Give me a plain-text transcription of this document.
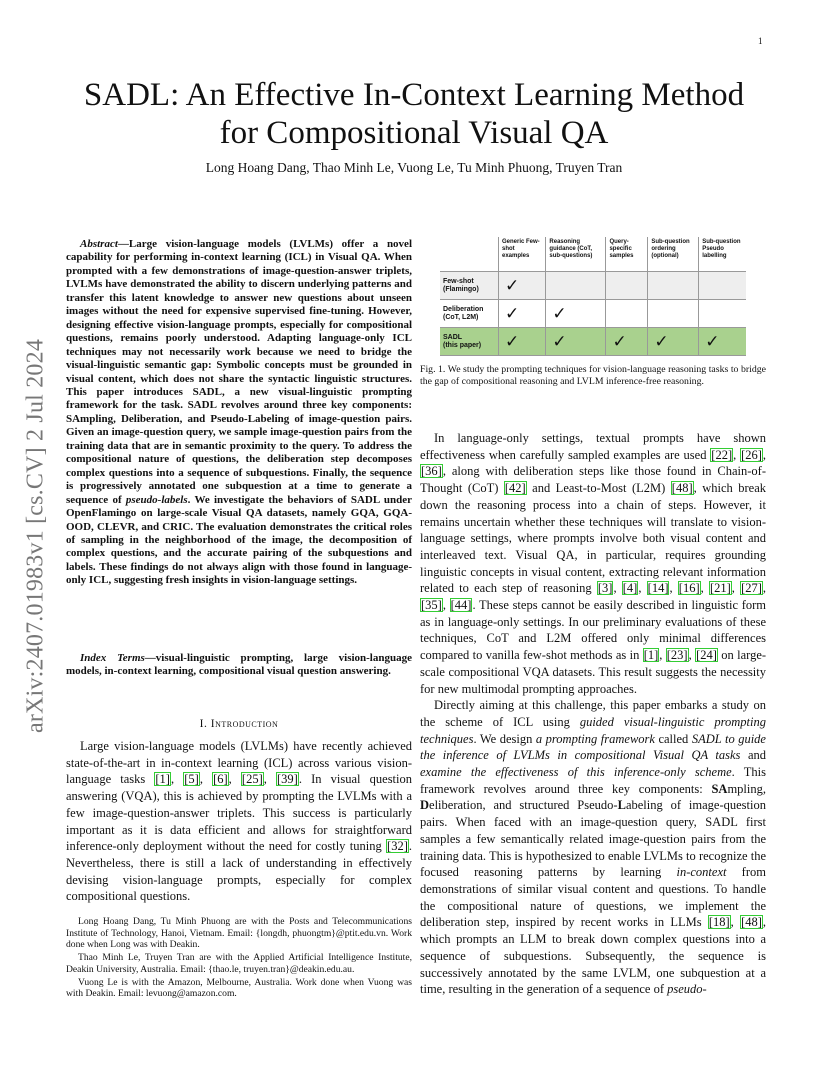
1
arXiv:2407.01983v1 [cs.CV] 2 Jul 2024
SADL: An Effective In-Context Learning Method
for Compositional Visual QA
Long Hoang Dang, Thao Minh Le, Vuong Le, Tu Minh Phuong, Truyen Tran
Abstract—Large vision-language models (LVLMs) offer a novel capability for performing in-context learning (ICL) in Visual QA. When prompted with a few demonstrations of image-question-answer triplets, LVLMs have demonstrated the ability to discern underlying patterns and transfer this latent knowledge to answer new questions about unseen images without the need for expensive supervised fine-tuning. However, designing effective vision-language prompts, especially for compositional questions, remains poorly understood. Adapting language-only ICL techniques may not necessarily work because we need to bridge the visual-linguistic semantic gap: Symbolic concepts must be grounded in visual content, which does not share the syntactic linguistic structures. This paper introduces SADL, a new visual-linguistic prompting framework for the task. SADL revolves around three key components: SAmpling, Deliberation, and Pseudo-Labeling of image-question pairs. Given an image-question query, we sample image-question pairs from the training data that are in semantic proximity to the query. To address the compositional nature of questions, the deliberation step decomposes complex questions into a sequence of subquestions. Finally, the sequence is progressively annotated one subquestion at a time to generate a sequence of pseudo-labels. We investigate the behaviors of SADL under OpenFlamingo on large-scale Visual QA datasets, namely GQA, GQA-OOD, CLEVR, and CRIC. The evaluation demonstrates the critical roles of sampling in the neighborhood of the image, the decomposition of complex questions, and the accurate pairing of the subquestions and labels. These findings do not always align with those found in language-only ICL, suggesting fresh insights in vision-language settings.
Index Terms—visual-linguistic prompting, large vision-language models, in-context learning, compositional visual question answering.
I. Introduction

Large vision-language models (LVLMs) have recently achieved state-of-the-art in in-context learning (ICL) across various vision-language tasks [1], [5], [6], [25], [39]. In visual question answering (VQA), this is achieved by prompting the LVLMs with a few image-question-answer triplets. This success is particularly important as it is data efficient and allows for straightforward inference-only deployment without the need for costly tuning [32]. Nevertheless, there is still a lack of understanding in effectively devising vision-language prompts, especially for complex compositional questions.

Long Hoang Dang, Tu Minh Phuong are with the Posts and Telecommunications Institute of Technology, Hanoi, Vietnam. Email: {longdh, phuongtm}@ptit.edu.vn. Work done when Long was with Deakin.

Thao Minh Le, Truyen Tran are with the Applied Artificial Intelligence Institute, Deakin University, Australia. Email: {thao.le, truyen.tran}@deakin.edu.au.

Vuong Le is with the Amazon, Melbourne, Australia. Work done when Vuong was with Deakin. Email: levuong@amazon.com.

	Generic Few-shot examples	Reasoning guidance (CoT, sub-questions)	Query-specific samples	Sub-question ordering (optional)	Sub-question Pseudo labelling
Few-shot
(Flamingo)	✓				
Deliberation
(CoT, L2M)	✓	✓			
SADL
(this paper)	✓	✓	✓	✓	✓
Fig. 1. We study the prompting techniques for vision-language reasoning tasks to bridge the gap of compositional reasoning and LVLM inference-free reasoning.

In language-only settings, textual prompts have shown effectiveness when carefully sampled examples are used [22], [26], [36], along with deliberation steps like those found in Chain-of-Thought (CoT) [42] and Least-to-Most (L2M) [48], which break down the reasoning process into a chain of steps. However, it remains uncertain whether these techniques will translate to vision-language settings, where prompts involve both visual content and interleaved text. Visual QA, in particular, requires grounding linguistic concepts in visual content, extracting relevant information related to each step of reasoning [3], [4], [14], [16], [21], [27], [35], [44]. These steps cannot be easily described in linguistic form as in language-only settings. In our preliminary evaluations of these techniques, CoT and L2M offered only minimal differences compared to vanilla few-shot methods as in [1], [23], [24] on large-scale compositional VQA datasets. This result suggests the necessity for new multimodal prompting approaches.

Directly aiming at this challenge, this paper embarks a study on the scheme of ICL using guided visual-linguistic prompting techniques. We design a prompting framework called SADL to guide the inference of LVLMs in compositional Visual QA tasks and examine the effectiveness of this inference-only scheme. This framework revolves around three key components: SAmpling, Deliberation, and structured Pseudo-Labeling of image-question pairs. When faced with an image-question query, SADL first samples a few semantically related image-question pairs from the training data. This is hypothesized to enable LVLMs to recognize the focused reasoning patterns by learning in-context from demonstrations of similar visual content and questions. To handle the compositional nature of questions, we implement the deliberation step, inspired by recent works in LLMs [18], [48], which prompts an LLM to break down complex questions into a sequence of subquestions. Subsequently, the sequence is successively annotated by the same LVLM, one subquestion at a time, resulting in the generation of a sequence of pseudo-
